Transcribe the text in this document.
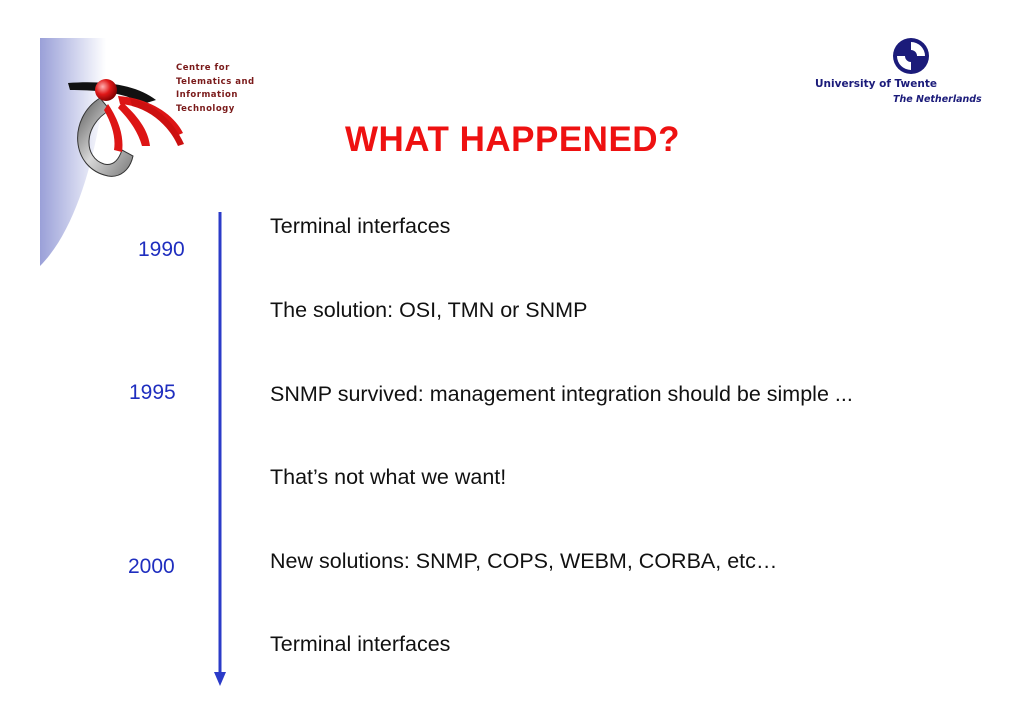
Centre for
Telematics and
Information
Technology
University of Twente
The Netherlands
WHAT HAPPENED?
1990
1995
2000
Terminal interfaces
The solution: OSI, TMN or SNMP
SNMP survived: management integration should be simple ...
That’s not what we want!
New solutions: SNMP, COPS, WEBM, CORBA, etc…
Terminal interfaces
